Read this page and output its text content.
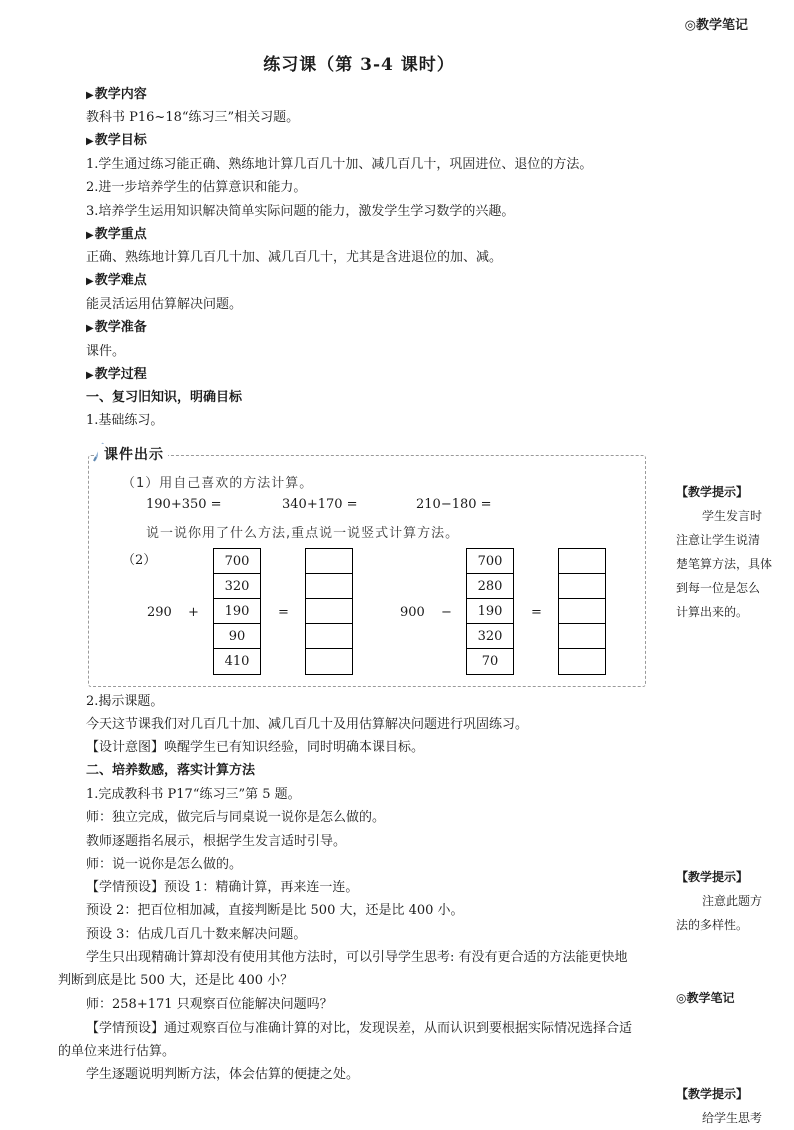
◎教学笔记
练习课（第 3-4 课时）
▶教学内容
教科书 P16~18“练习三”相关习题。
▶教学目标
1.学生通过练习能正确、熟练地计算几百几十加、减几百几十，巩固进位、退位的方法。
2.进一步培养学生的估算意识和能力。
3.培养学生运用知识解决简单实际问题的能力，激发学生学习数学的兴趣。
▶教学重点
正确、熟练地计算几百几十加、减几百几十，尤其是含进退位的加、减。
▶教学难点
能灵活运用估算解决问题。
▶教学准备
课件。
▶教学过程
一、复习旧知识，明确目标
1.基础练习。
课件出示
（1）用自己喜欢的方法计算。
190+350 =	340+170 =	210−180 =
说一说你用了什么方法,重点说一说竖式计算方法。
（2）
290 +
700
320
190
90
410
=	900 −
700
280
190
320
70
=
2.揭示课题。
今天这节课我们对几百几十加、减几百几十及用估算解决问题进行巩固练习。
【设计意图】唤醒学生已有知识经验，同时明确本课目标。
二、培养数感，落实计算方法
1.完成教科书 P17“练习三”第 5 题。
师：独立完成，做完后与同桌说一说你是怎么做的。
教师逐题指名展示，根据学生发言适时引导。
师：说一说你是怎么做的。
【学情预设】预设 1：精确计算，再来连一连。
预设 2：把百位相加减，直接判断是比 500 大，还是比 400 小。
预设 3：估成几百几十数来解决问题。
学生只出现精确计算却没有使用其他方法时，可以引导学生思考: 有没有更合适的方法能更快地
判断到底是比 500 大，还是比 400 小？
师：258+171 只观察百位能解决问题吗？
【学情预设】通过观察百位与准确计算的对比，发现误差，从而认识到要根据实际情况选择合适
的单位来进行估算。
学生逐题说明判断方法，体会估算的便捷之处。
【教学提示】
学生发言时
注意让学生说清
楚笔算方法，具体
到每一位是怎么
计算出来的。
【教学提示】
注意此题方
法的多样性。
◎教学笔记
【教学提示】
给学生思考
